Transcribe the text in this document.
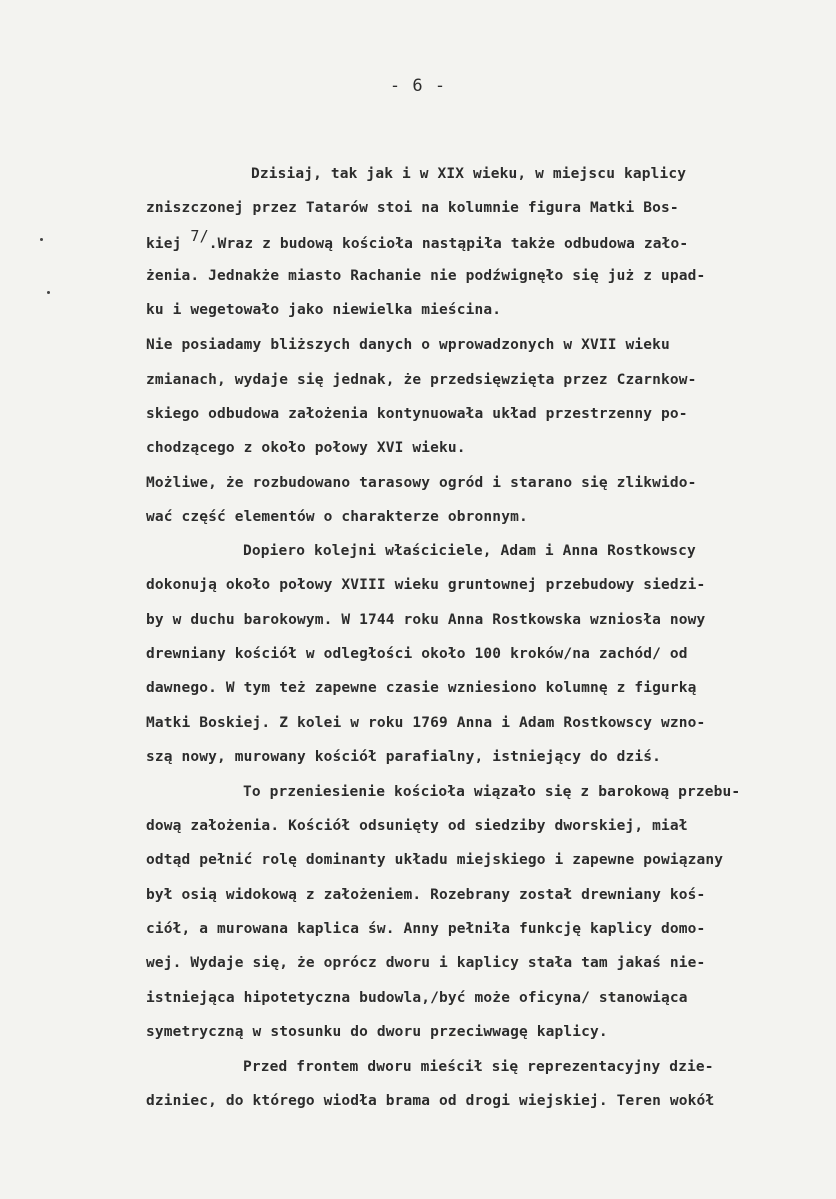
- 6 -
Dzisiaj, tak jak i w XIX wieku, w miejscu kaplicy
zniszczonej przez Tatarów stoi na kolumnie figura Matki Bos-
kiej 7/.Wraz z budową kościoła nastąpiła także odbudowa zało-
żenia. Jednakże miasto Rachanie nie podźwignęło się już z upad-
ku i wegetowało jako niewielka mieścina.
Nie posiadamy bliższych danych o wprowadzonych w XVII wieku
zmianach, wydaje się jednak, że przedsięwzięta przez Czarnkow-
skiego odbudowa założenia kontynuowała układ przestrzenny po-
chodzącego z około połowy XVI wieku.
Możliwe, że rozbudowano tarasowy ogród i starano się zlikwido-
wać część elementów o charakterze obronnym.
Dopiero kolejni właściciele, Adam i Anna Rostkowscy
dokonują około połowy XVIII wieku gruntownej przebudowy siedzi-
by w duchu barokowym. W 1744 roku Anna Rostkowska wzniosła nowy
drewniany kościół w odległości około 100 kroków/na zachód/ od
dawnego. W tym też zapewne czasie wzniesiono kolumnę z figurką
Matki Boskiej. Z kolei w roku 1769 Anna i Adam Rostkowscy wzno-
szą nowy, murowany kościół parafialny, istniejący do dziś.
To przeniesienie kościoła wiązało się z barokową przebu-
dową założenia. Kościół odsunięty od siedziby dworskiej, miał
odtąd pełnić rolę dominanty układu miejskiego i zapewne powiązany
był osią widokową z założeniem. Rozebrany został drewniany koś-
ciół, a murowana kaplica św. Anny pełniła funkcję kaplicy domo-
wej. Wydaje się, że oprócz dworu i kaplicy stała tam jakaś nie-
istniejąca hipotetyczna budowla,/być może oficyna/ stanowiąca
symetryczną w stosunku do dworu przeciwwagę kaplicy.
Przed frontem dworu mieścił się reprezentacyjny dzie-
dziniec, do którego wiodła brama od drogi wiejskiej. Teren wokół
